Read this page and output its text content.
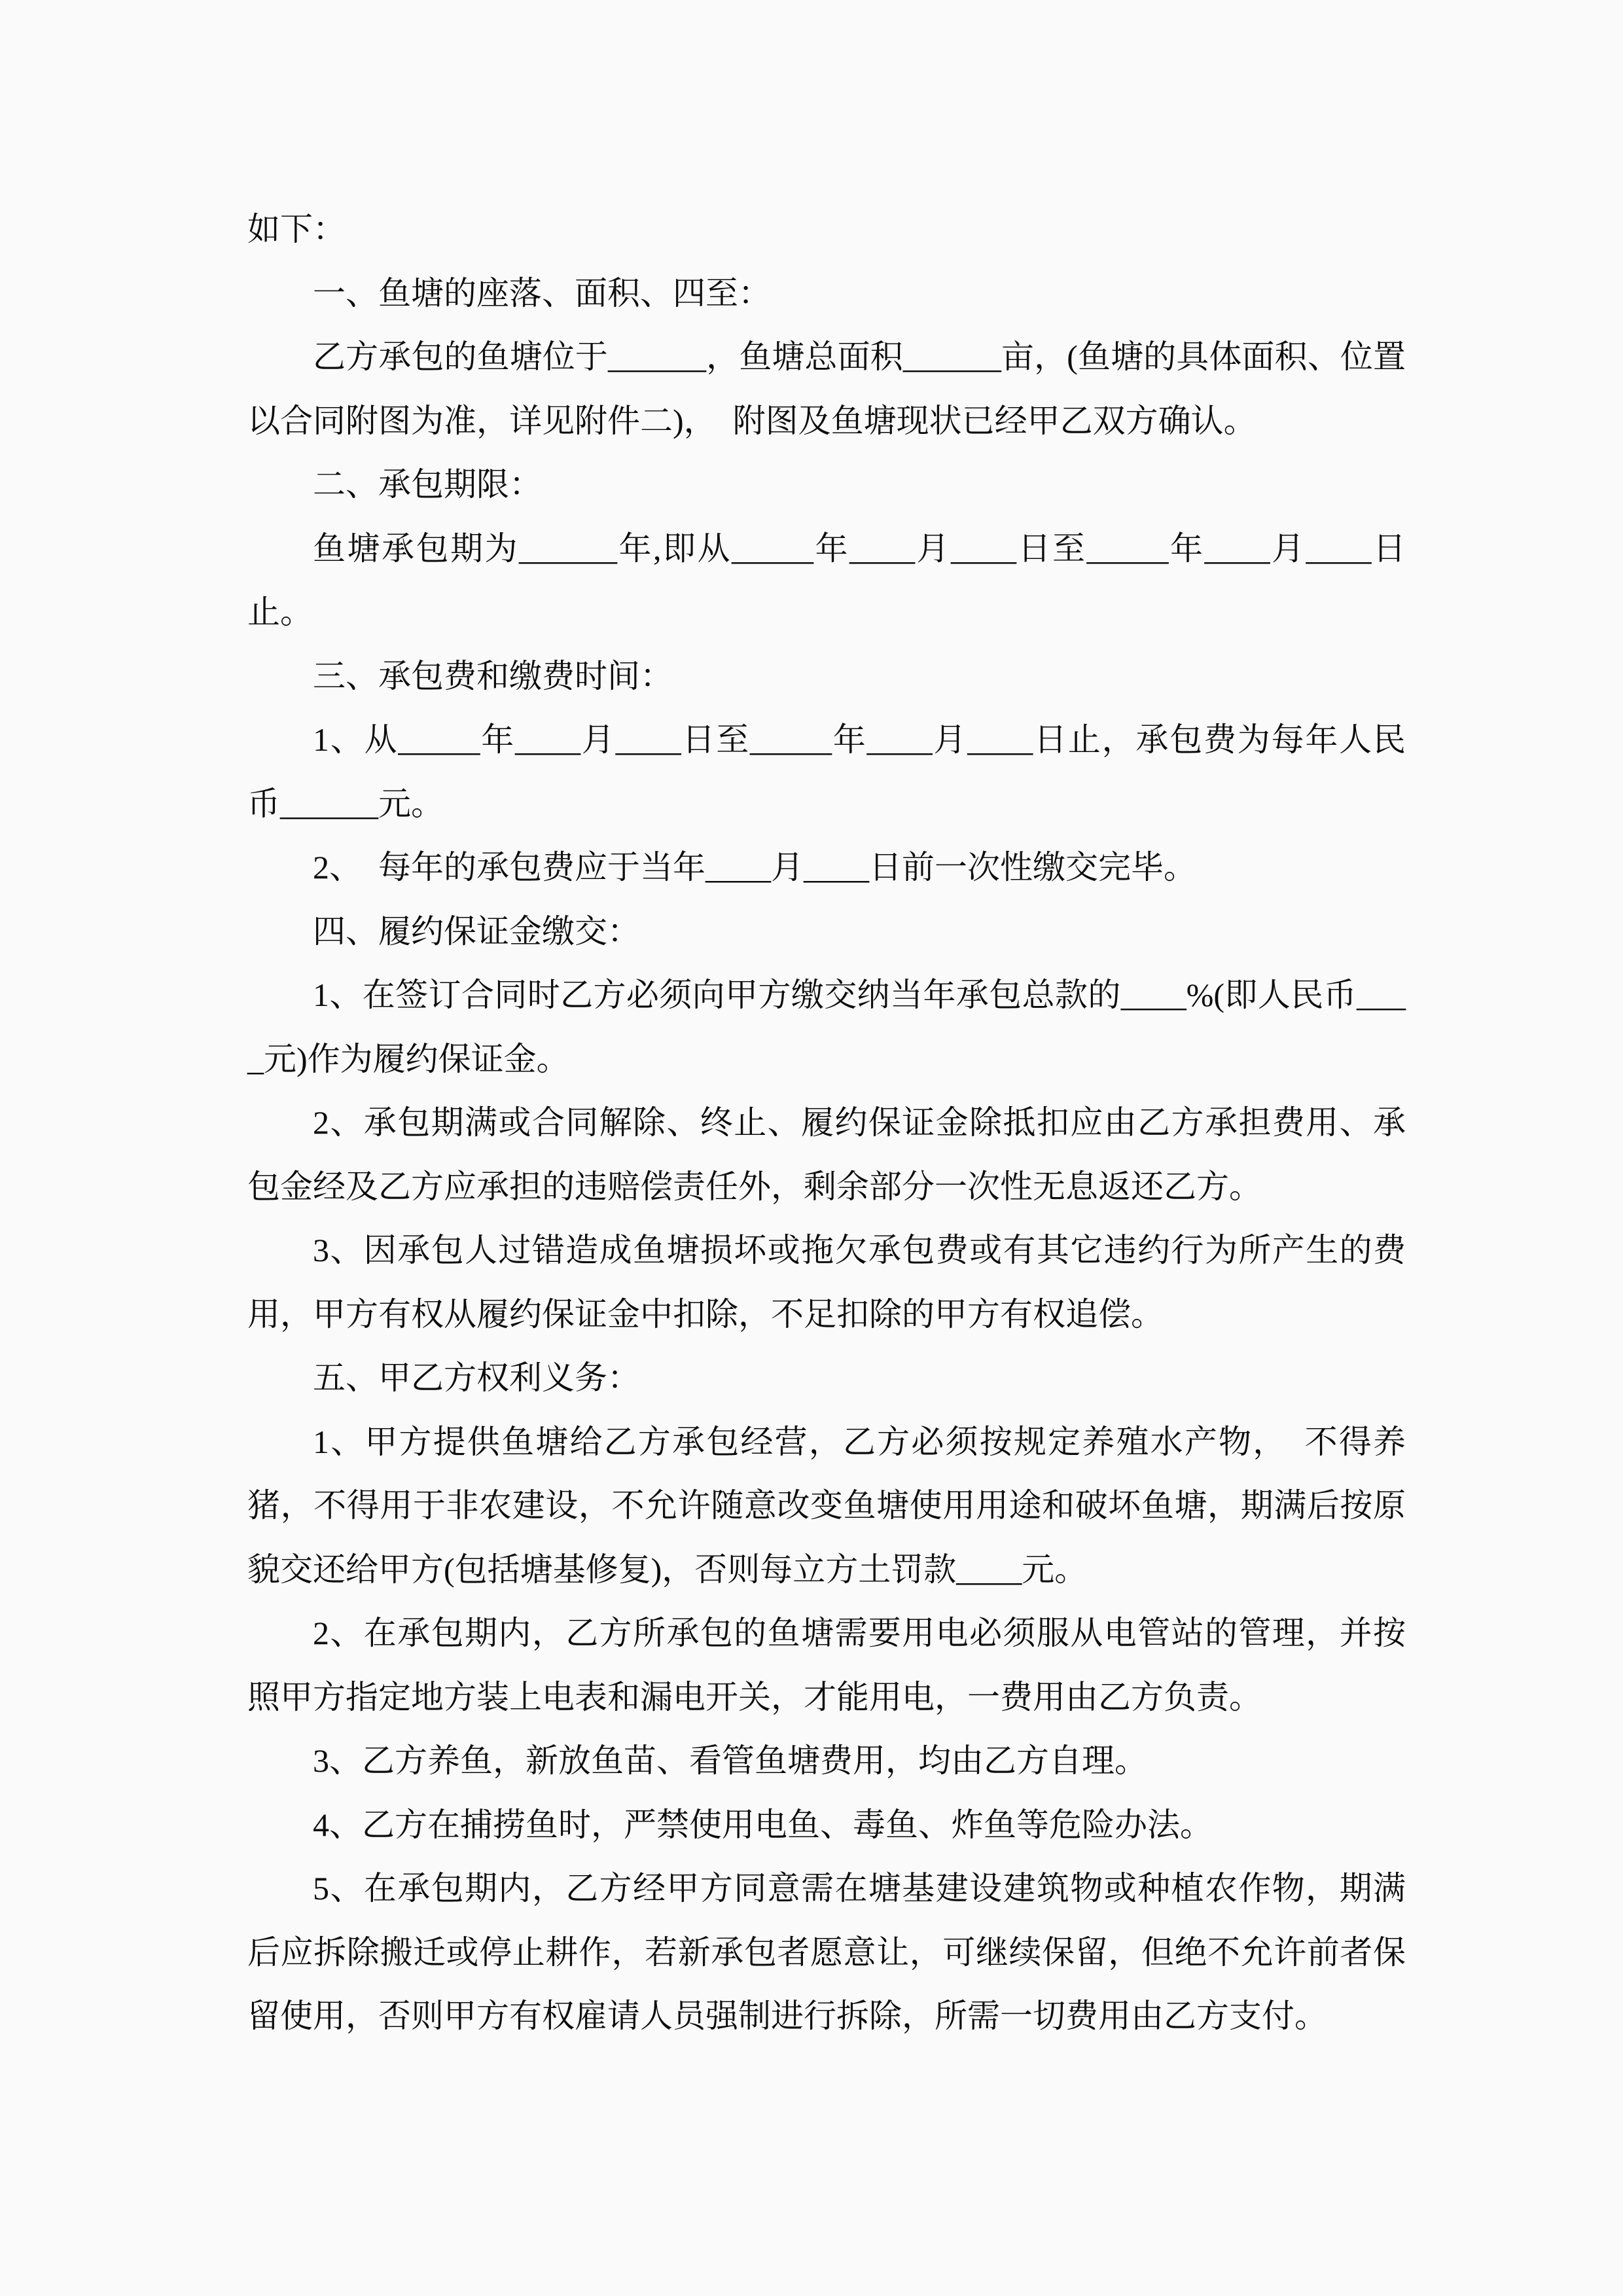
如下：

一、鱼塘的座落、面积、四至：

乙方承包的鱼塘位于______，鱼塘总面积______亩，(鱼塘的具体面积、位置以合同附图为准，详见附件二)，　附图及鱼塘现状已经甲乙双方确认。

二、承包期限：

鱼塘承包期为______年,即从_____年____月____日至_____年____月____日止。

三、承包费和缴费时间：

1、从_____年____月____日至_____年____月____日止，承包费为每年人民币______元。

2、　每年的承包费应于当年____月____日前一次性缴交完毕。

四、履约保证金缴交：

1、在签订合同时乙方必须向甲方缴交纳当年承包总款的____%(即人民币____元)作为履约保证金。

2、承包期满或合同解除、终止、履约保证金除抵扣应由乙方承担费用、承包金经及乙方应承担的违赔偿责任外，剩余部分一次性无息返还乙方。

3、因承包人过错造成鱼塘损坏或拖欠承包费或有其它违约行为所产生的费用，甲方有权从履约保证金中扣除，不足扣除的甲方有权追偿。

五、甲乙方权利义务：

1、甲方提供鱼塘给乙方承包经营，乙方必须按规定养殖水产物，　不得养猪，不得用于非农建设，不允许随意改变鱼塘使用用途和破坏鱼塘，期满后按原貌交还给甲方(包括塘基修复)，否则每立方土罚款____元。

2、在承包期内，乙方所承包的鱼塘需要用电必须服从电管站的管理，并按照甲方指定地方装上电表和漏电开关，才能用电，一费用由乙方负责。

3、乙方养鱼，新放鱼苗、看管鱼塘费用，均由乙方自理。

4、乙方在捕捞鱼时，严禁使用电鱼、毒鱼、炸鱼等危险办法。

5、在承包期内，乙方经甲方同意需在塘基建设建筑物或种植农作物，期满后应拆除搬迁或停止耕作，若新承包者愿意让，可继续保留，但绝不允许前者保留使用，否则甲方有权雇请人员强制进行拆除，所需一切费用由乙方支付。
